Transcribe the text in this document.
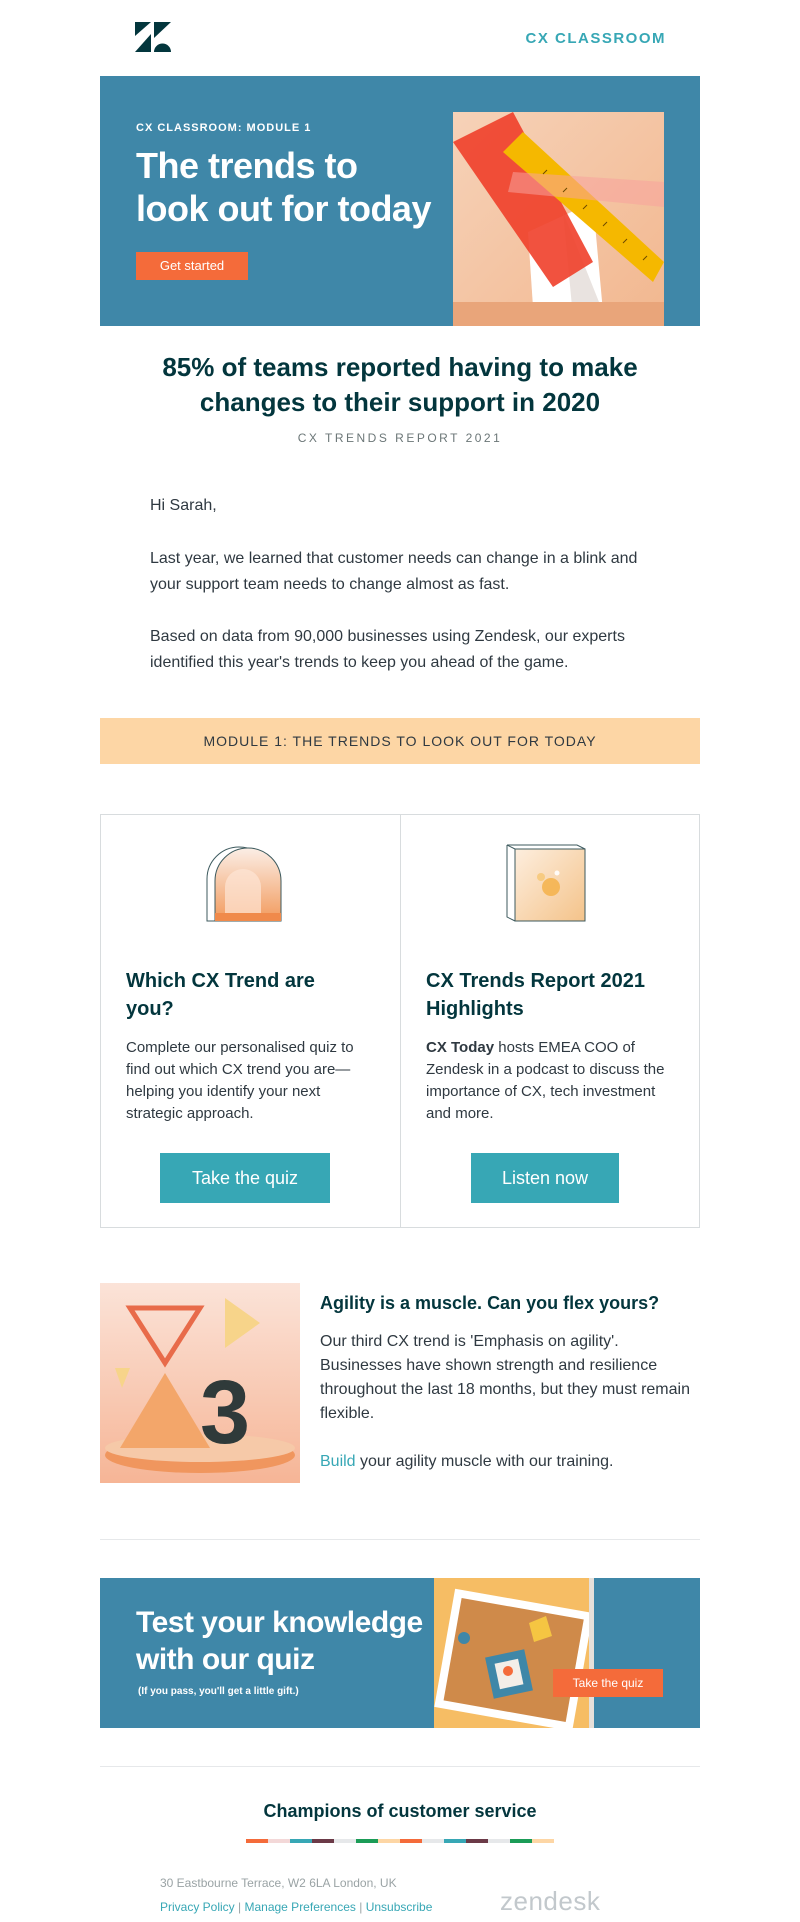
CX CLASSROOM
CX CLASSROOM: MODULE 1
The trends to look out for today
Get started
85% of teams reported having to make changes to their support in 2020
CX TRENDS REPORT 2021
Hi Sarah,
Last year, we learned that customer needs can change in a blink and your support team needs to change almost as fast.
Based on data from 90,000 businesses using Zendesk, our experts identified this year's trends to keep you ahead of the game.
MODULE 1: THE TRENDS TO LOOK OUT FOR TODAY
Which CX Trend are you?
Complete our personalised quiz to find out which CX trend you are—helping you identify your next strategic approach.
Take the quiz
CX Trends Report 2021 Highlights
CX Today hosts EMEA COO of Zendesk in a podcast to discuss the importance of CX, tech investment and more.
Listen now
3
Agility is a muscle. Can you flex yours?
Our third CX trend is 'Emphasis on agility'. Businesses have shown strength and resilience throughout the last 18 months, but they must remain flexible.
Build your agility muscle with our training.
Test your knowledge with our quiz
(If you pass, you'll get a little gift.)
Take the quiz
Champions of customer service
30 Eastbourne Terrace, W2 6LA London, UK
Privacy Policy | Manage Preferences | Unsubscribe	zendesk
